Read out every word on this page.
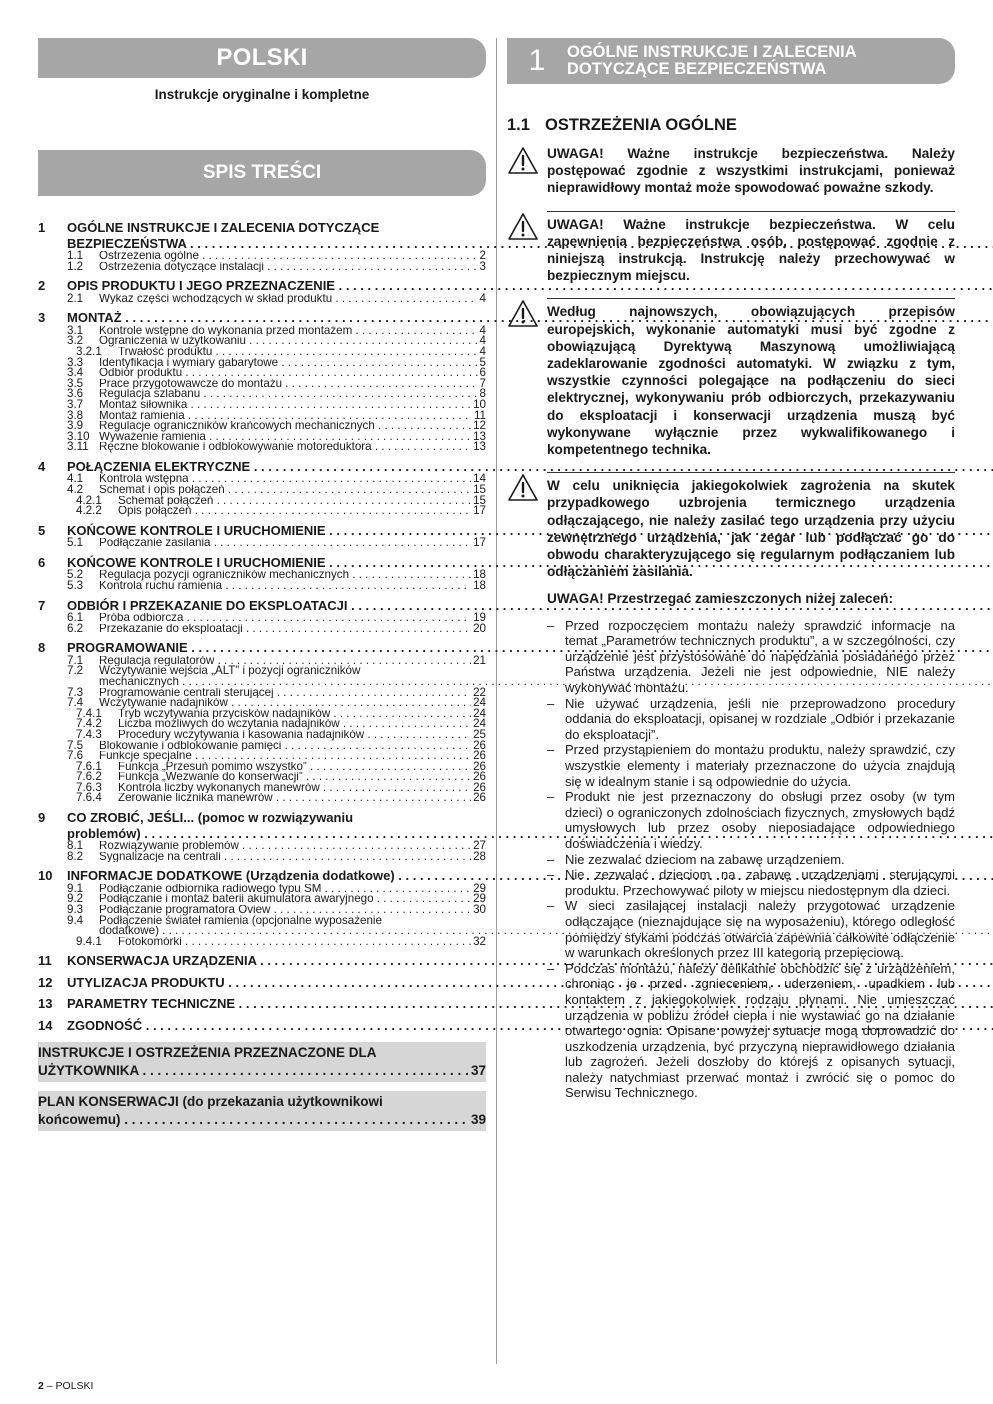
POLSKI
Instrukcje oryginalne i kompletne
SPIS TREŚCI
1	OGÓLNE INSTRUKCJE I ZALECENIA DOTYCZĄCE
BEZPIECZEŃSTWA . . .
1.1	Ostrzeżenia ogólne . . .	2
1.2	Ostrzeżenia dotyczące instalacji . . .	3
2	OPIS PRODUKTU I JEGO PRZEZNACZENIE . . .
2.1	Wykaz części wchodzących w skład produktu . . .	4
3	MONTAŻ . . .
3.1	Kontrole wstępne do wykonania przed montażem . . .	4
3.2	Ograniczenia w użytkowaniu . . .	4
3.2.1	Trwałość produktu . . .	4
3.3	Identyfikacja i wymiary gabarytowe . . .	5
3.4	Odbiór produktu . . .	6
3.5	Prace przygotowawcze do montażu . . .	7
3.6	Regulacja szlabanu . . .	8
3.7	Montaż siłownika . . .	10
3.8	Montaż ramienia . . .	11
3.9	Regulacje ograniczników krańcowych mechanicznych . . .	12
3.10 Wyważenie ramienia . . .	13
3.11 Ręczne blokowanie i odblokowywanie motoreduktora . . .	13
4	POŁĄCZENIA ELEKTRYCZNE . . .
4.1	Kontrola wstępna . . .	14
4.2	Schemat i opis połączeń . . .	15
4.2.1	Schemat połączeń . . .	15
4.2.2	Opis połączeń . . .	17
5	KOŃCOWE KONTROLE I URUCHOMIENIE . . .
5.1	Podłączanie zasilania . . .	17
6	KOŃCOWE KONTROLE I URUCHOMIENIE . . .
5.2	Regulacja pozycji ograniczników mechanicznych . . .	18
5.3	Kontrola ruchu ramienia . . .	18
7	ODBIÓR I PRZEKAZANIE DO EKSPLOATACJI . . .
6.1	Próba odbiorcza . . .	19
6.2	Przekazanie do eksploatacji . . .	20
8	PROGRAMOWANIE . . .
7.1	Regulacja regulatorów . . .	21
7.2	Wczytywanie wejścia „ALT” i pozycji ograniczników
mechanicznych . . .
7.3	Programowanie centrali sterującej . . .	22
7.4	Wczytywanie nadajników . . .	24
7.4.1	Tryb wczytywania przycisków nadajników . . .	24
7.4.2	Liczba możliwych do wczytania nadajników . . .	24
7.4.3	Procedury wczytywania i kasowania nadajników . . .	25
7.5	Blokowanie i odblokowanie pamięci . . .	26
7.6	Funkcje specjalne . . .	26
7.6.1	Funkcja „Przesuń pomimo wszystko” . . .	26
7.6.2	Funkcja „Wezwanie do konserwacji” . . .	26
7.6.3	Kontrola liczby wykonanych manewrów . . .	26
7.6.4	Zerowanie licznika manewrów . . .	26
9	CO ZROBIĆ, JEŚLI... (pomoc w rozwiązywaniu
problemów) . . .
8.1	Rozwiązywanie problemów . . .	27
8.2	Sygnalizacje na centrali . . .	28
10	INFORMACJE DODATKOWE (Urządzenia dodatkowe) . . .
9.1	Podłączanie odbiornika radiowego typu SM . . .	29
9.2	Podłączanie i montaż baterii akumulatora awaryjnego . . .	29
9.3	Podłączanie programatora Oview . . .	30
9.4	Podłączenie świateł ramienia (opcjonalne wyposażenie
dodatkowe) . . .
9.4.1	Fotokomórki . . .	32
11	KONSERWACJA URZĄDZENIA . . .
12	UTYLIZACJA PRODUKTU . . .
13	PARAMETRY TECHNICZNE . . .
14	ZGODNOŚĆ . . .
INSTRUKCJE I OSTRZEŻENIA PRZEZNACZONE DLA
UŻYTKOWNIKA . . .	37
PLAN KONSERWACJI (do przekazania użytkownikowi
końcowemu) . . .	39
1	OGÓLNE INSTRUKCJE I ZALECENIA
DOTYCZĄCE BEZPIECZEŃSTWA
1.1 OSTRZEŻENIA OGÓLNE
UWAGA! Ważne instrukcje bezpieczeństwa. Należy postępować zgodnie z wszystkimi instrukcjami, ponieważ nieprawidłowy montaż może spowodować poważne szkody.
UWAGA! Ważne instrukcje bezpieczeństwa. W celu zapewnienia bezpieczeństwa osób, postępować zgodnie z niniejszą instrukcją. Instrukcję należy przechowywać w bezpiecznym miejscu.
Według najnowszych, obowiązujących przepisów europejskich, wykonanie automatyki musi być zgodne z obowiązującą Dyrektywą Maszynową umożliwiającą zadeklarowanie zgodności automatyki. W związku z tym, wszystkie czynności polegające na podłączeniu do sieci elektrycznej, wykonywaniu prób odbiorczych, przekazywaniu do eksploatacji i konserwacji urządzenia muszą być wykonywane wyłącznie przez wykwalifikowanego i kompetentnego technika.
W celu uniknięcia jakiegokolwiek zagrożenia na skutek przypadkowego uzbrojenia termicznego urządzenia odłączającego, nie należy zasilać tego urządzenia przy użyciu zewnętrznego urządzenia, jak zegar lub podłączać go do obwodu charakteryzującego się regularnym podłączaniem lub odłączaniem zasilania.
UWAGA! Przestrzegać zamieszczonych niżej zaleceń:
– Przed rozpoczęciem montażu należy sprawdzić informacje na temat „Parametrów technicznych produktu”, a w szczególności, czy urządzenie jest przystosowane do napędzania posiadanego przez Państwa urządzenia. Jeżeli nie jest odpowiednie, NIE należy wykonywać montażu.
– Nie używać urządzenia, jeśli nie przeprowadzono procedury oddania do eksploatacji, opisanej w rozdziale „Odbiór i przekazanie do eksploatacji”.
– Przed przystąpieniem do montażu produktu, należy sprawdzić, czy wszystkie elementy i materiały przeznaczone do użycia znajdują się w idealnym stanie i są odpowiednie do użycia.
– Produkt nie jest przeznaczony do obsługi przez osoby (w tym dzieci) o ograniczonych zdolnościach fizycznych, zmysłowych bądź umysłowych lub przez osoby nieposiadające odpowiedniego doświadczenia i wiedzy.
– Nie zezwalać dzieciom na zabawę urządzeniem.
– Nie zezwalać dzieciom na zabawę urządzeniami sterującymi produktu. Przechowywać piloty w miejscu niedostępnym dla dzieci.
– W sieci zasilającej instalacji należy przygotować urządzenie odłączające (nieznajdujące się na wyposażeniu), którego odległość pomiędzy stykami podczas otwarcia zapewnia całkowite odłączenie w warunkach określonych przez III kategorią przepięciową.
– Podczas montażu, należy delikatnie obchodzić się z urządzeniem, chroniąc je przed zgnieceniem, uderzeniem, upadkiem lub kontaktem z jakiegokolwiek rodzaju płynami. Nie umieszczać urządzenia w pobliżu źródeł ciepła i nie wystawiać go na działanie otwartego ognia. Opisane powyżej sytuacje mogą doprowadzić do uszkodzenia urządzenia, być przyczyną nieprawidłowego działania lub zagrożeń. Jeżeli doszłoby do którejś z opisanych sytuacji, należy natychmiast przerwać montaż i zwrócić się o pomoc do Serwisu Technicznego.
2 – POLSKI
